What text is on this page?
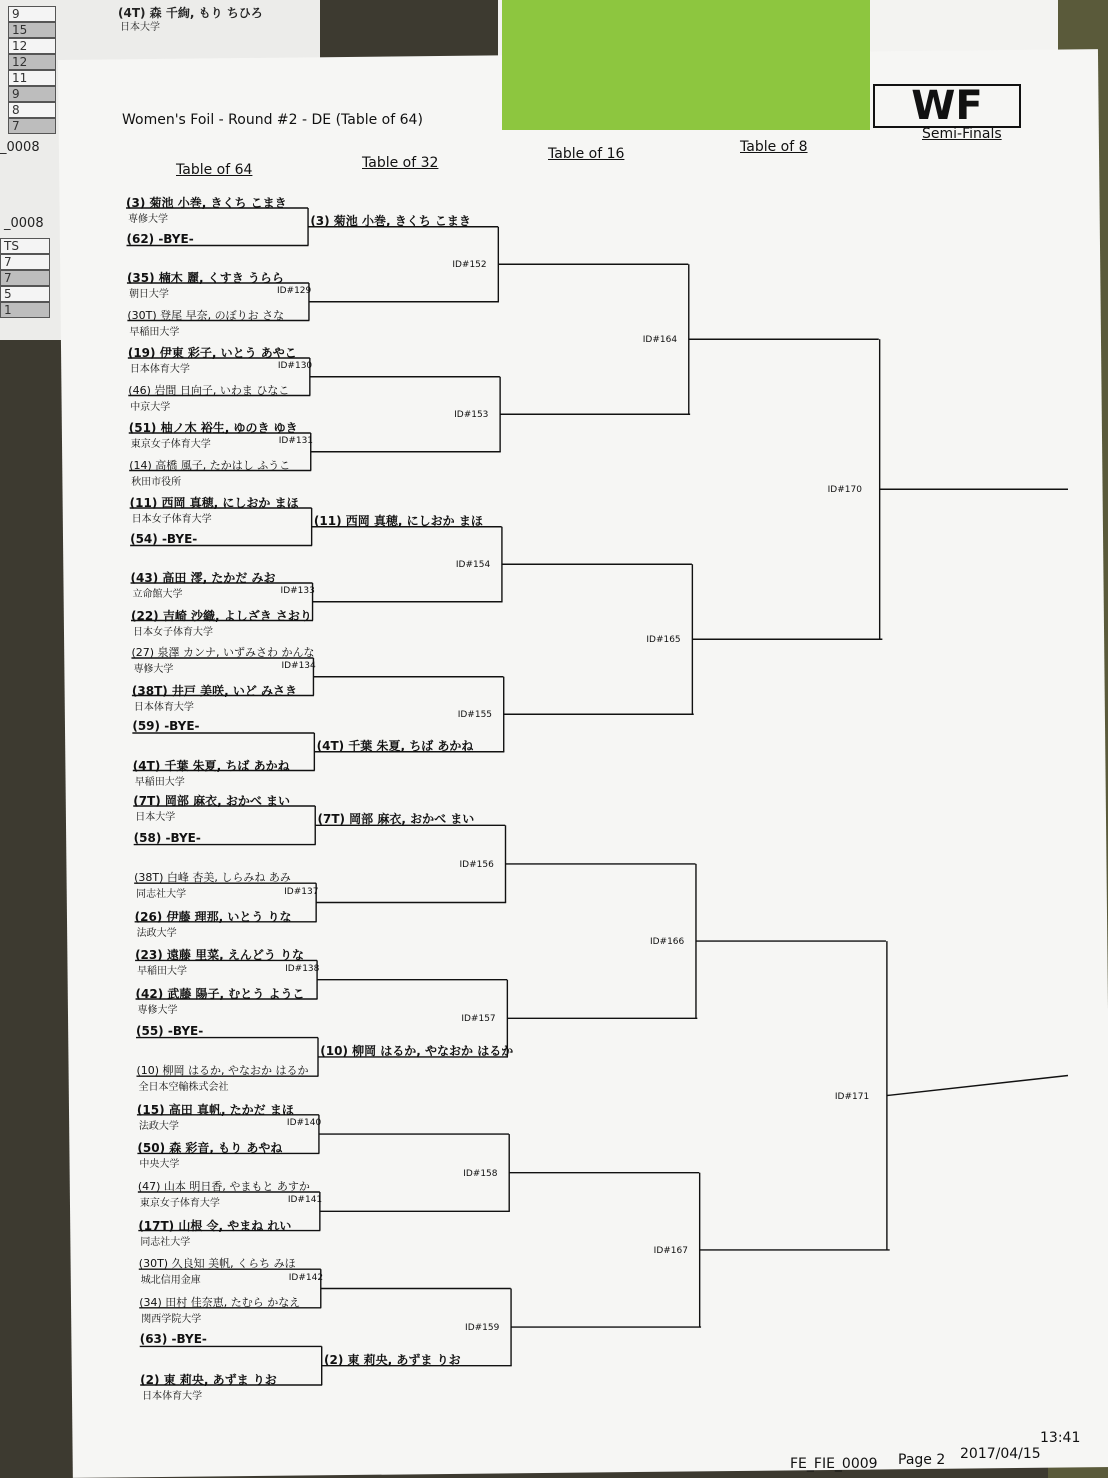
(4T) 森 千絢, もり ちひろ
日本大学
9
15
12
12
11
9
8
7
_0008
_0008
TS
7
7
5
1
WF
Semi-Finals
Women's Foil - Round #2 - DE (Table of 64)
Table of 64	Table of 32
Table of 16	Table of 8
(3) 菊池 小巻, きくち こまき
専修大学
(62) -BYE-
(35) 楠木 麗, くすき うらら
朝日大学
(30T) 登尾 早奈, のぼりお さな
早稲田大学
(19) 伊東 彩子, いとう あやこ
日本体育大学
(46) 岩間 日向子, いわま ひなこ
中京大学
(51) 柚ノ木 裕生, ゆのき ゆき
東京女子体育大学
(14) 高橋 風子, たかはし ふうこ
秋田市役所
(11) 西岡 真穂, にしおか まほ
日本女子体育大学
(54) -BYE-
(43) 高田 澪, たかだ みお
立命館大学
(22) 吉崎 沙織, よしざき さおり
日本女子体育大学
(27) 泉澤 カンナ, いずみさわ かんな
専修大学
(38T) 井戸 美咲, いど みさき
日本体育大学
(59) -BYE-
(4T) 千葉 朱夏, ちば あかね
早稲田大学
(7T) 岡部 麻衣, おかべ まい
日本大学
(58) -BYE-
(38T) 白峰 杏美, しらみね あみ
同志社大学
(26) 伊藤 理那, いとう りな
法政大学
(23) 遠藤 里菜, えんどう りな
早稲田大学
(42) 武藤 陽子, むとう ようこ
専修大学
(55) -BYE-
(10) 柳岡 はるか, やなおか はるか
全日本空輸株式会社
(15) 高田 真帆, たかだ まほ
法政大学
(50) 森 彩音, もり あやね
中央大学
(47) 山本 明日香, やまもと あすか
東京女子体育大学
(17T) 山根 令, やまね れい
同志社大学
(30T) 久良知 美帆, くらち みほ
城北信用金庫
(34) 田村 佳奈恵, たむら かなえ
関西学院大学
(63) -BYE-
(2) 東 莉央, あずま りお
日本体育大学
ID#129
ID#130
ID#131
ID#133
ID#134
ID#137
ID#138
ID#140
ID#141
ID#142
(3) 菊池 小巻, きくち こまき
(11) 西岡 真穂, にしおか まほ
(4T) 千葉 朱夏, ちば あかね
(7T) 岡部 麻衣, おかべ まい
(10) 柳岡 はるか, やなおか はるか
(2) 東 莉央, あずま りお
ID#152
ID#153
ID#154
ID#155
ID#156
ID#157
ID#158
ID#159
ID#164
ID#165
ID#166
ID#167
ID#170
ID#171
FE_FIE_0009 Page 2 2017/04/15
13:41
